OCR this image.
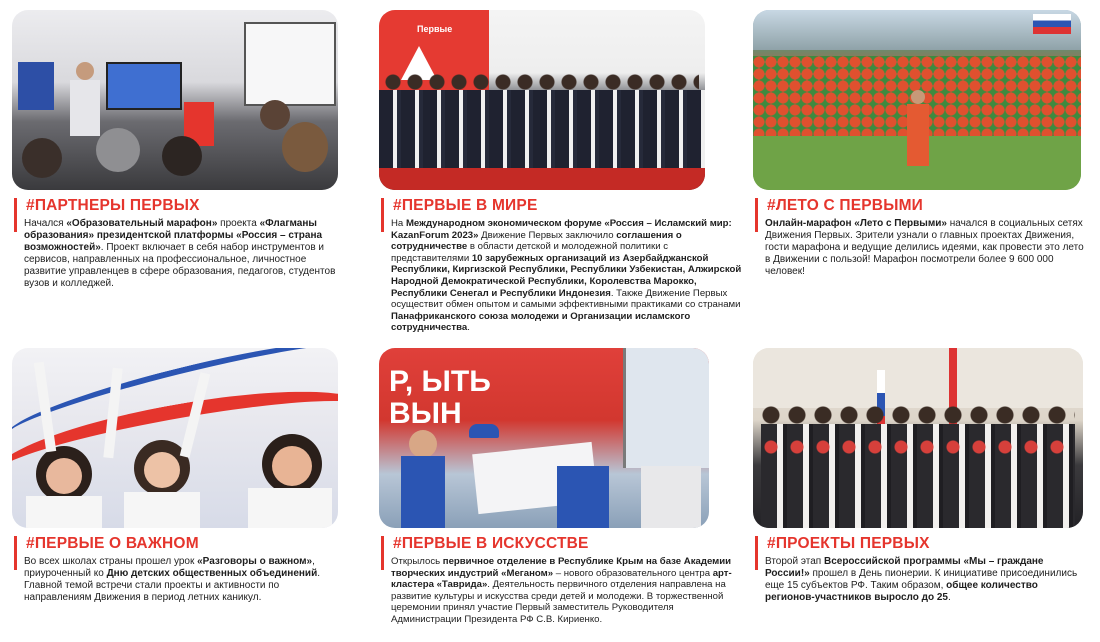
#ПАРТНЕРЫ ПЕРВЫХ
Начался «Образовательный марафон» проекта «Флагманы образования» президентской платформы «Россия – страна возможностей». Проект включает в себя набор инструментов и сервисов, направленных на профессиональное, личностное развитие управленцев в сфере образования, педагогов, студентов вузов и колледжей.
Первые
#ПЕРВЫЕ В МИРЕ
На Международном экономическом форуме «Россия – Исламский мир: KazanForum 2023» Движение Первых заключило соглашения о сотрудничестве в области детской и молодежной политики с представителями 10 зарубежных организаций из Азербайджанской Республики, Киргизской Республики, Республики Узбекистан, Алжирской Народной Демократической Республики, Королевства Марокко, Республики Сенегал и Республики Индонезия. Также Движение Первых осуществит обмен опытом и самыми эффективными практиками со странами Панафриканского союза молодежи и Организации исламского сотрудничества.
#ЛЕТО С ПЕРВЫМИ
Онлайн-марафон «Лето с Первыми» начался в социальных сетях Движения Первых. Зрители узнали о главных проектах Движения, гости марафона и ведущие делились идеями, как провести это лето в Движении с пользой! Марафон посмотрели более 9 600 000 человек!
#ПЕРВЫЕ О ВАЖНОМ
Во всех школах страны прошел урок «Разговоры о важном», приуроченный ко Дню детских общественных объединений. Главной темой встречи стали проекты и активности по направлениям Движения в период летних каникул.
Р, ЫТЬ ВЫН
#ПЕРВЫЕ В ИСКУССТВЕ
Открылось первичное отделение в Республике Крым на базе Академии творческих индустрий «Меганом» – нового образовательного центра арт-кластера «Таврида». Деятельность первичного отделения направлена на развитие культуры и искусства среди детей и молодежи. В торжественной церемонии принял участие Первый заместитель Руководителя Администрации Президента РФ С.В. Кириенко.
#ПРОЕКТЫ ПЕРВЫХ
Второй этап Всероссийской программы «Мы – граждане России!» прошел в День пионерии. К инициативе присоединились еще 15 субъектов РФ. Таким образом, общее количество регионов-участников выросло до 25.
